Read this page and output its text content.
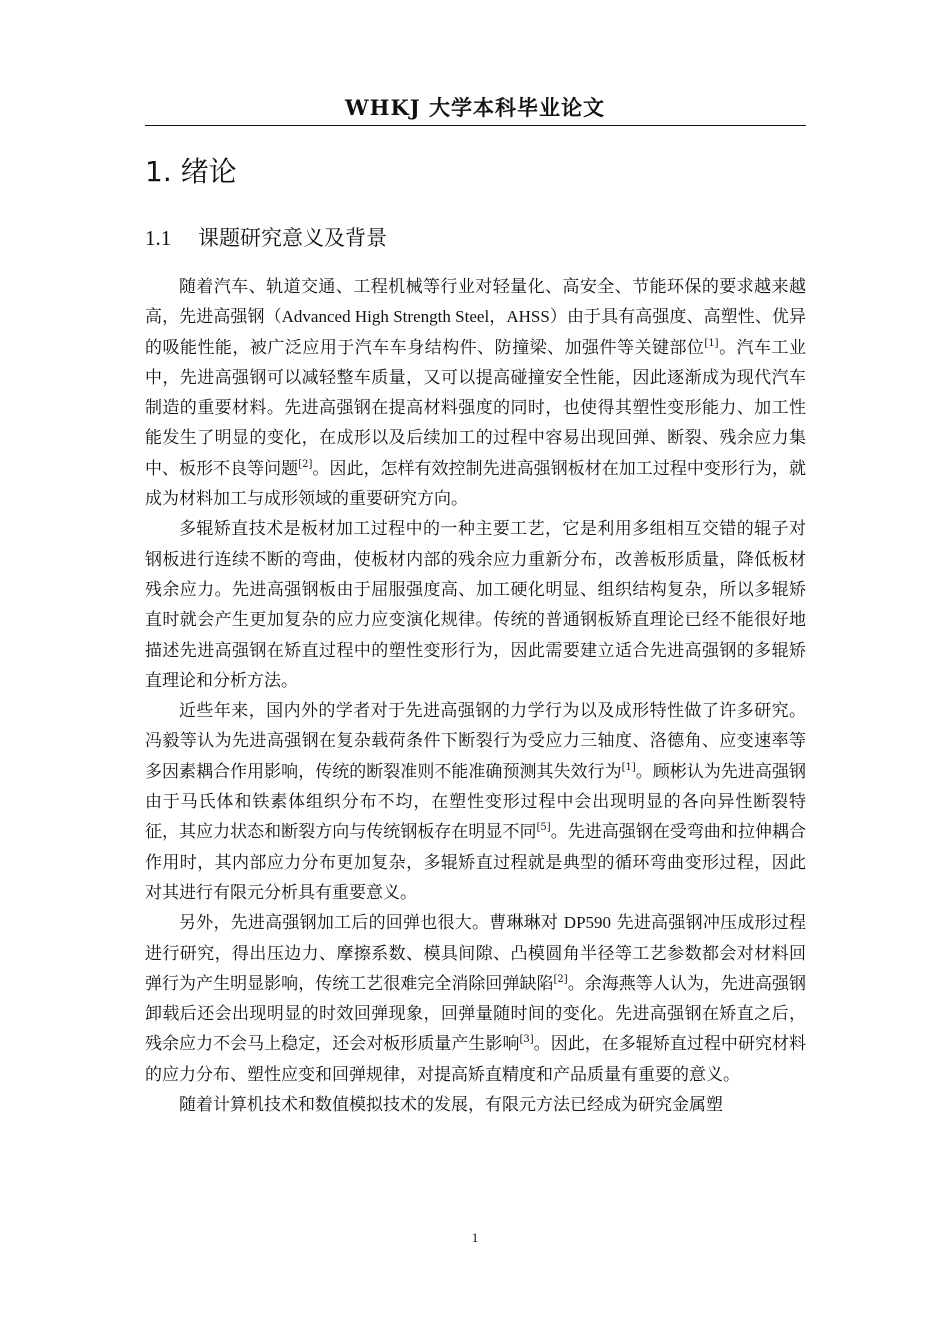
WHKJ 大学本科毕业论文
1. 绪论
1.1 课题研究意义及背景

随着汽车、轨道交通、工程机械等行业对轻量化、高安全、节能环保的要求越来越高，先进高强钢（Advanced High Strength Steel，AHSS）由于具有高强度、高塑性、优异的吸能性能，被广泛应用于汽车车身结构件、防撞梁、加强件等关键部位[1]。汽车工业中，先进高强钢可以减轻整车质量，又可以提高碰撞安全性能，因此逐渐成为现代汽车制造的重要材料。先进高强钢在提高材料强度的同时，也使得其塑性变形能力、加工性能发生了明显的变化，在成形以及后续加工的过程中容易出现回弹、断裂、残余应力集中、板形不良等问题[2]。因此，怎样有效控制先进高强钢板材在加工过程中变形行为，就成为材料加工与成形领域的重要研究方向。

多辊矫直技术是板材加工过程中的一种主要工艺，它是利用多组相互交错的辊子对钢板进行连续不断的弯曲，使板材内部的残余应力重新分布，改善板形质量，降低板材残余应力。先进高强钢板由于屈服强度高、加工硬化明显、组织结构复杂，所以多辊矫直时就会产生更加复杂的应力应变演化规律。传统的普通钢板矫直理论已经不能很好地描述先进高强钢在矫直过程中的塑性变形行为，因此需要建立适合先进高强钢的多辊矫直理论和分析方法。

近些年来，国内外的学者对于先进高强钢的力学行为以及成形特性做了许多研究。冯毅等认为先进高强钢在复杂载荷条件下断裂行为受应力三轴度、洛德角、应变速率等多因素耦合作用影响，传统的断裂准则不能准确预测其失效行为[1]。顾彬认为先进高强钢由于马氏体和铁素体组织分布不均，在塑性变形过程中会出现明显的各向异性断裂特征，其应力状态和断裂方向与传统钢板存在明显不同[5]。先进高强钢在受弯曲和拉伸耦合作用时，其内部应力分布更加复杂，多辊矫直过程就是典型的循环弯曲变形过程，因此对其进行有限元分析具有重要意义。

另外，先进高强钢加工后的回弹也很大。曹琳琳对 DP590 先进高强钢冲压成形过程进行研究，得出压边力、摩擦系数、模具间隙、凸模圆角半径等工艺参数都会对材料回弹行为产生明显影响，传统工艺很难完全消除回弹缺陷[2]。余海燕等人认为，先进高强钢卸载后还会出现明显的时效回弹现象，回弹量随时间的变化。先进高强钢在矫直之后，残余应力不会马上稳定，还会对板形质量产生影响[3]。因此，在多辊矫直过程中研究材料的应力分布、塑性应变和回弹规律，对提高矫直精度和产品质量有重要的意义。

随着计算机技术和数值模拟技术的发展，有限元方法已经成为研究金属塑

1
